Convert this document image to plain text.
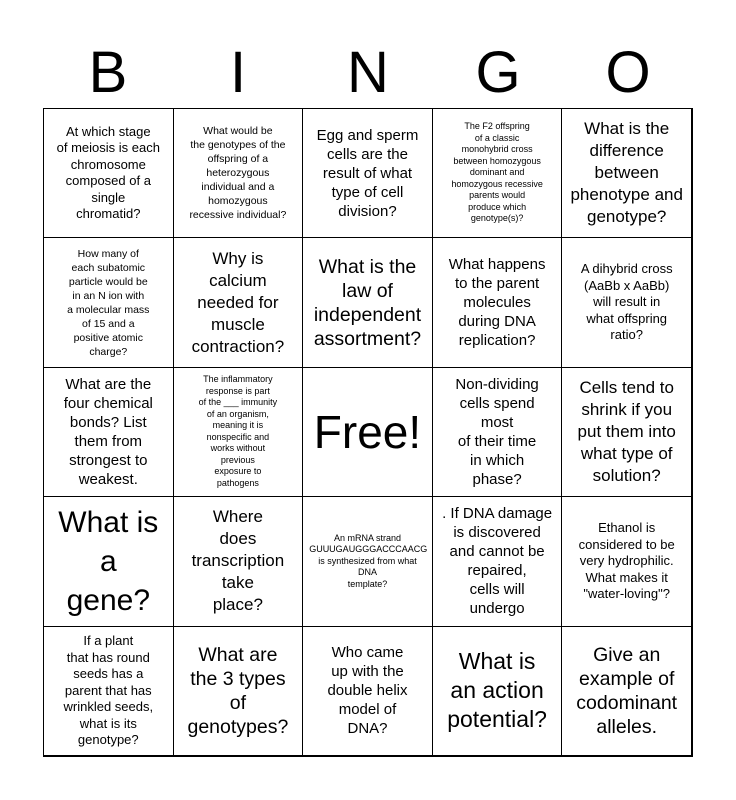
B	I	N	G	O
At which stage
of meiosis is each
chromosome
composed of a
single
chromatid?
What would be
the genotypes of the
offspring of a
heterozygous
individual and a
homozygous
recessive individual?
Egg and sperm
cells are the
result of what
type of cell
division?
The F2 offspring
of a classic
monohybrid cross
between homozygous
dominant and
homozygous recessive
parents would
produce which
genotype(s)?
What is the
difference
between
phenotype and
genotype?
How many of
each subatomic
particle would be
in an N ion with
a molecular mass
of 15 and a
positive atomic
charge?
Why is
calcium
needed for
muscle
contraction?
What is the
law of
independent
assortment?
What happens
to the parent
molecules
during DNA
replication?
A dihybrid cross
(AaBb x AaBb)
will result in
what offspring
ratio?
What are the
four chemical
bonds? List
them from
strongest to
weakest.
The inflammatory
response is part
of the ___ immunity
of an organism,
meaning it is
nonspecific and
works without
previous
exposure to
pathogens
Free!
Non-dividing
cells spend
most
of their time
in which
phase?
Cells tend to
shrink if you
put them into
what type of
solution?
What is
a
gene?
Where
does
transcription
take
place?
An mRNA strand
GUUUGAUGGGACCCAACG
is synthesized from what DNA
template?
. If DNA damage
is discovered
and cannot be
repaired,
cells will
undergo
Ethanol is
considered to be
very hydrophilic.
What makes it
"water-loving"?
If a plant
that has round
seeds has a
parent that has
wrinkled seeds,
what is its
genotype?
What are
the 3 types
of
genotypes?
Who came
up with the
double helix
model of
DNA?
What is
an action
potential?
Give an
example of
codominant
alleles.
